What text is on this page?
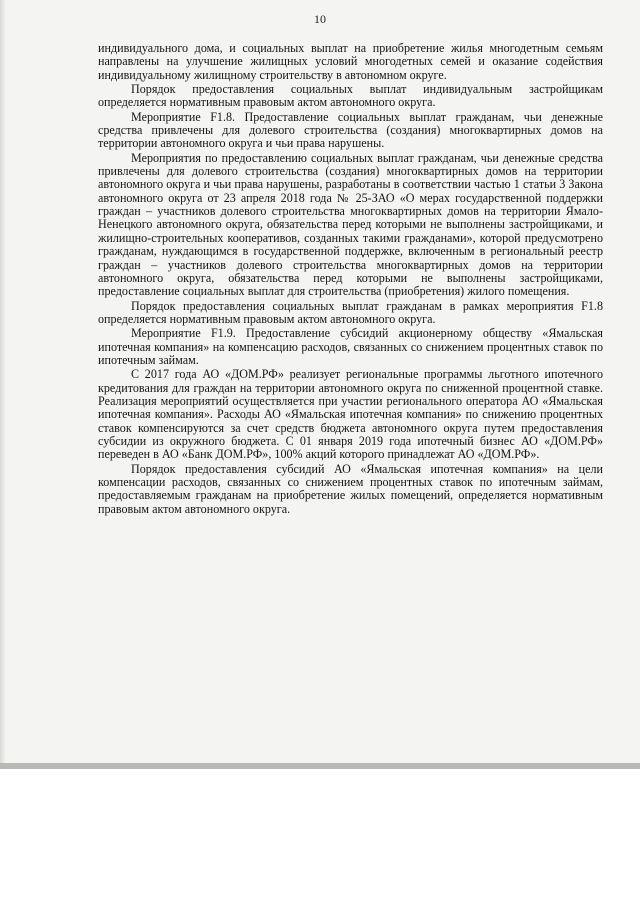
10

индивидуального дома, и социальных выплат на приобретение жилья многодетным семьям направлены на улучшение жилищных условий многодетных семей и оказание содействия индивидуальному жилищному строительству в автономном округе.

Порядок предоставления социальных выплат индивидуальным застройщикам определяется нормативным правовым актом автономного округа.

Мероприятие F1.8. Предоставление социальных выплат гражданам, чьи денежные средства привлечены для долевого строительства (создания) многоквартирных домов на территории автономного округа и чьи права нарушены.

Мероприятия по предоставлению социальных выплат гражданам, чьи денежные средства привлечены для долевого строительства (создания) многоквартирных домов на территории автономного округа и чьи права нарушены, разработаны в соответствии частью 1 статьи 3 Закона автономного округа от 23 апреля 2018 года № 25-ЗАО «О мерах государственной поддержки граждан – участников долевого строительства многоквартирных домов на территории Ямало-Ненецкого автономного округа, обязательства перед которыми не выполнены застройщиками, и жилищно-строительных кооперативов, созданных такими гражданами», которой предусмотрено гражданам, нуждающимся в государственной поддержке, включенным в региональный реестр граждан – участников долевого строительства многоквартирных домов на территории автономного округа, обязательства перед которыми не выполнены застройщиками, предоставление социальных выплат для строительства (приобретения) жилого помещения.

Порядок предоставления социальных выплат гражданам в рамках мероприятия F1.8 определяется нормативным правовым актом автономного округа.

Мероприятие F1.9. Предоставление субсидий акционерному обществу «Ямальская ипотечная компания» на компенсацию расходов, связанных со снижением процентных ставок по ипотечным займам.

С 2017 года АО «ДОМ.РФ» реализует региональные программы льготного ипотечного кредитования для граждан на территории автономного округа по сниженной процентной ставке. Реализация мероприятий осуществляется при участии регионального оператора АО «Ямальская ипотечная компания». Расходы АО «Ямальская ипотечная компания» по снижению процентных ставок компенсируются за счет средств бюджета автономного округа путем предоставления субсидии из окружного бюджета. С 01 января 2019 года ипотечный бизнес АО «ДОМ.РФ» переведен в АО «Банк ДОМ.РФ», 100% акций которого принадлежат АО «ДОМ.РФ».

Порядок предоставления субсидий АО «Ямальская ипотечная компания» на цели компенсации расходов, связанных со снижением процентных ставок по ипотечным займам, предоставляемым гражданам на приобретение жилых помещений, определяется нормативным правовым актом автономного округа.
